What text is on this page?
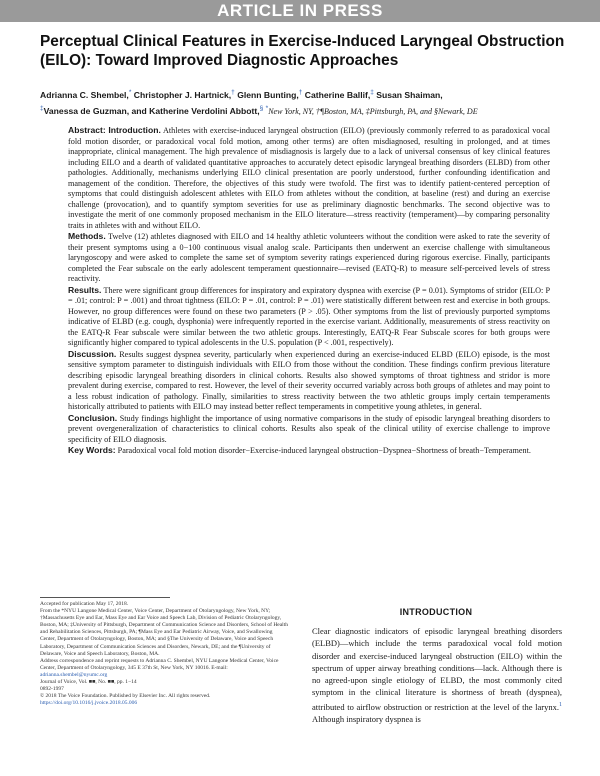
ARTICLE IN PRESS
Perceptual Clinical Features in Exercise-Induced Laryngeal Obstruction (EILO): Toward Improved Diagnostic Approaches
Adrianna C. Shembel,* Christopher J. Hartnick,† Glenn Bunting,† Catherine Ballif,‡ Susan Shaiman,
‡Vanessa de Guzman, and Katherine Verdolini Abbott,§ *New York, NY, †¶Boston, MA, ‡Pittsburgh, PA, and §Newark, DE

Abstract: Introduction. Athletes with exercise-induced laryngeal obstruction (EILO) (previously commonly referred to as paradoxical vocal fold motion disorder, or paradoxical vocal fold motion, among other terms) are often misdiagnosed, resulting in prolonged, and at times inappropriate, clinical management. The high prevalence of misdiagnosis is largely due to a lack of universal consensus of key clinical features including EILO and a dearth of validated quantitative approaches to accurately detect episodic laryngeal breathing disorders (ELBD) from other pathologies. Additionally, mechanisms underlying EILO clinical presentation are poorly understood, further confounding identification and management of the condition. Therefore, the objectives of this study were twofold. The first was to identify patient-centered perception of symptoms that could distinguish adolescent athletes with EILO from athletes without the condition, at baseline (rest) and during an exercise challenge (provocation), and to quantify symptom severities for use as preliminary diagnostic benchmarks. The second objective was to investigate the merit of one commonly proposed mechanism in the EILO literature—stress reactivity (temperament)—by comparing personality traits in athletes with and without EILO.

Methods. Twelve (12) athletes diagnosed with EILO and 14 healthy athletic volunteers without the condition were asked to rate the severity of their present symptoms using a 0−100 continuous visual analog scale. Participants then underwent an exercise challenge with simultaneous laryngoscopy and were asked to complete the same set of symptom severity ratings experienced during rigorous exercise. Finally, participants completed the Fear subscale on the early adolescent temperament questionnaire—revised (EATQ-R) to measure self-perceived levels of stress reactivity.

Results. There were significant group differences for inspiratory and expiratory dyspnea with exercise (P = 0.01). Symptoms of stridor (EILO: P = .01; control: P = .001) and throat tightness (EILO: P = .01, control: P = .01) were statistically different between rest and exercise in both groups. However, no group differences were found on these two parameters (P > .05). Other symptoms from the list of previously purported symptoms indicative of ELBD (e.g. cough, dysphonia) were infrequently reported in the exercise variant. Additionally, measurements of stress reactivity on the EATQ-R Fear subscale were similar between the two athletic groups. Interestingly, EATQ-R Fear Subscale scores for both groups were significantly higher compared to typical adolescents in the U.S. population (P < .001, respectively).

Discussion. Results suggest dyspnea severity, particularly when experienced during an exercise-induced ELBD (EILO) episode, is the most sensitive symptom parameter to distinguish individuals with EILO from those without the condition. These findings confirm previous literature describing episodic laryngeal breathing disorders in clinical cohorts. Results also showed symptoms of throat tightness and stridor is more prevalent during exercise, compared to rest. However, the level of their severity occurred variably across both groups of athletes and may point to a less robust indication of pathology. Finally, similarities to stress reactivity between the two athletic groups imply certain temperaments historically attributed to patients with EILO may instead better reflect temperaments in competitive young athletes, in general.

Conclusion. Study findings highlight the importance of using normative comparisons in the study of episodic laryngeal breathing disorders to prevent overgeneralization of characteristics to clinical cohorts. Results also speak of the clinical utility of exercise challenge to improve specificity of EILO diagnosis.

Key Words: Paradoxical vocal fold motion disorder−Exercise-induced laryngeal obstruction−Dyspnea−Shortness of breath−Temperament.

Accepted for publication May 17, 2018.

From the *NYU Langone Medical Center, Voice Center, Department of Otolaryngology, New York, NY; †Massachusetts Eye and Ear, Mass Eye and Ear Voice and Speech Lab, Division of Pediatric Otolaryngology, Boston, MA; ‡University of Pittsburgh, Department of Communication Science and Disorders, School of Health and Rehabilitation Sciences, Pittsburgh, PA; ¶Mass Eye and Ear Pediatric Airway, Voice, and Swallowing Center, Department of Otolaryngology, Boston, MA; and §The University of Delaware, Voice and Speech Laboratory, Department of Communication Sciences and Disorders, Newark, DE; and the ¶University of Delaware, Voice and Speech Laboratory, Boston, MA.

Address correspondence and reprint requests to Adrianna C. Shembel, NYU Langone Medical Center, Voice Center, Department of Otolaryngology, 345 E 37th St, New York, NY 10016. E-mail: adrianna.shembel@nyumc.org

Journal of Voice, Vol. ■■, No. ■■, pp. 1−14

0892-1997

© 2018 The Voice Foundation. Published by Elsevier Inc. All rights reserved.

https://doi.org/10.1016/j.jvoice.2018.05.006

INTRODUCTION

Clear diagnostic indicators of episodic laryngeal breathing disorders (ELBD)—which include the terms paradoxical vocal fold motion disorder and exercise-induced laryngeal obstruction (EILO) within the spectrum of upper airway breathing conditions—lack. Although there is no agreed-upon single etiology of ELBD, the most commonly cited symptom in the clinical literature is shortness of breath (dyspnea), attributed to airflow obstruction or restriction at the level of the larynx.$^1$ Although inspiratory dyspnea is
